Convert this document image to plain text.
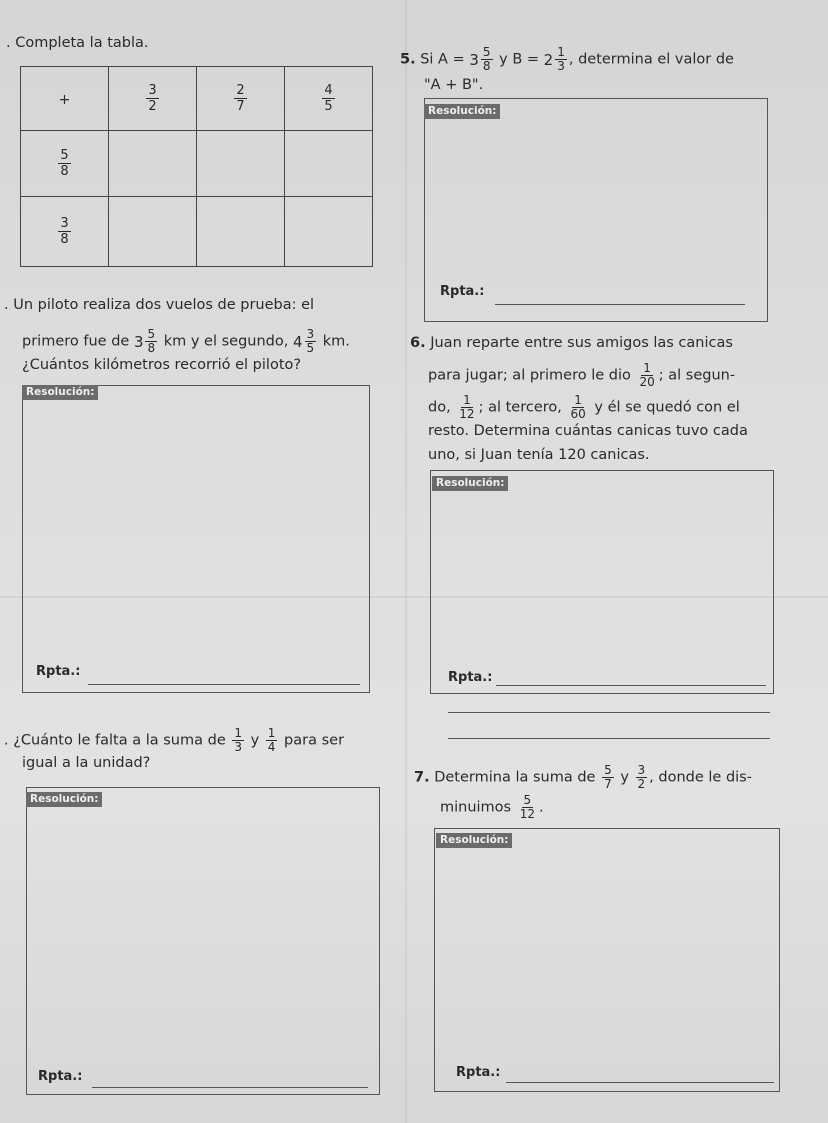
. Completa la tabla.
+	$\frac{3}{2}$	$\frac{2}{7}$	$\frac{4}{5}$

$\frac{5}{8}$

$\frac{3}{8}$

. Un piloto realiza dos vuelos de prueba: el
primero fue de $3 \frac{5}{8}$ km y el segundo, $4 \frac{3}{5}$ km.
¿Cuántos kilómetros recorrió el piloto?
Resolución:
Rpta.:
. ¿Cuánto le falta a la suma de $\frac{1}{3}$ y $\frac{1}{4}$ para ser
igual a la unidad?
Resolución:
Rpta.:
5. Si $A = 3 \frac{5}{8}$ y $B = 2 \frac{1}{3}$ , determina el valor de
"A + B".
Resolución:
Rpta.:
6. Juan reparte entre sus amigos las canicas
para jugar; al primero le dio $\frac{1}{20}$ ; al segun-
do, $\frac{1}{12}$ ; al tercero, $\frac{1}{60}$ y él se quedó con el
resto. Determina cuántas canicas tuvo cada
uno, si Juan tenía 120 canicas.
Resolución:
Rpta.:
7. Determina la suma de $\frac{5}{7}$ y $\frac{3}{2}$ , donde le dis-
minuimos $\frac{5}{12}$ .
Resolución:
Rpta.:
